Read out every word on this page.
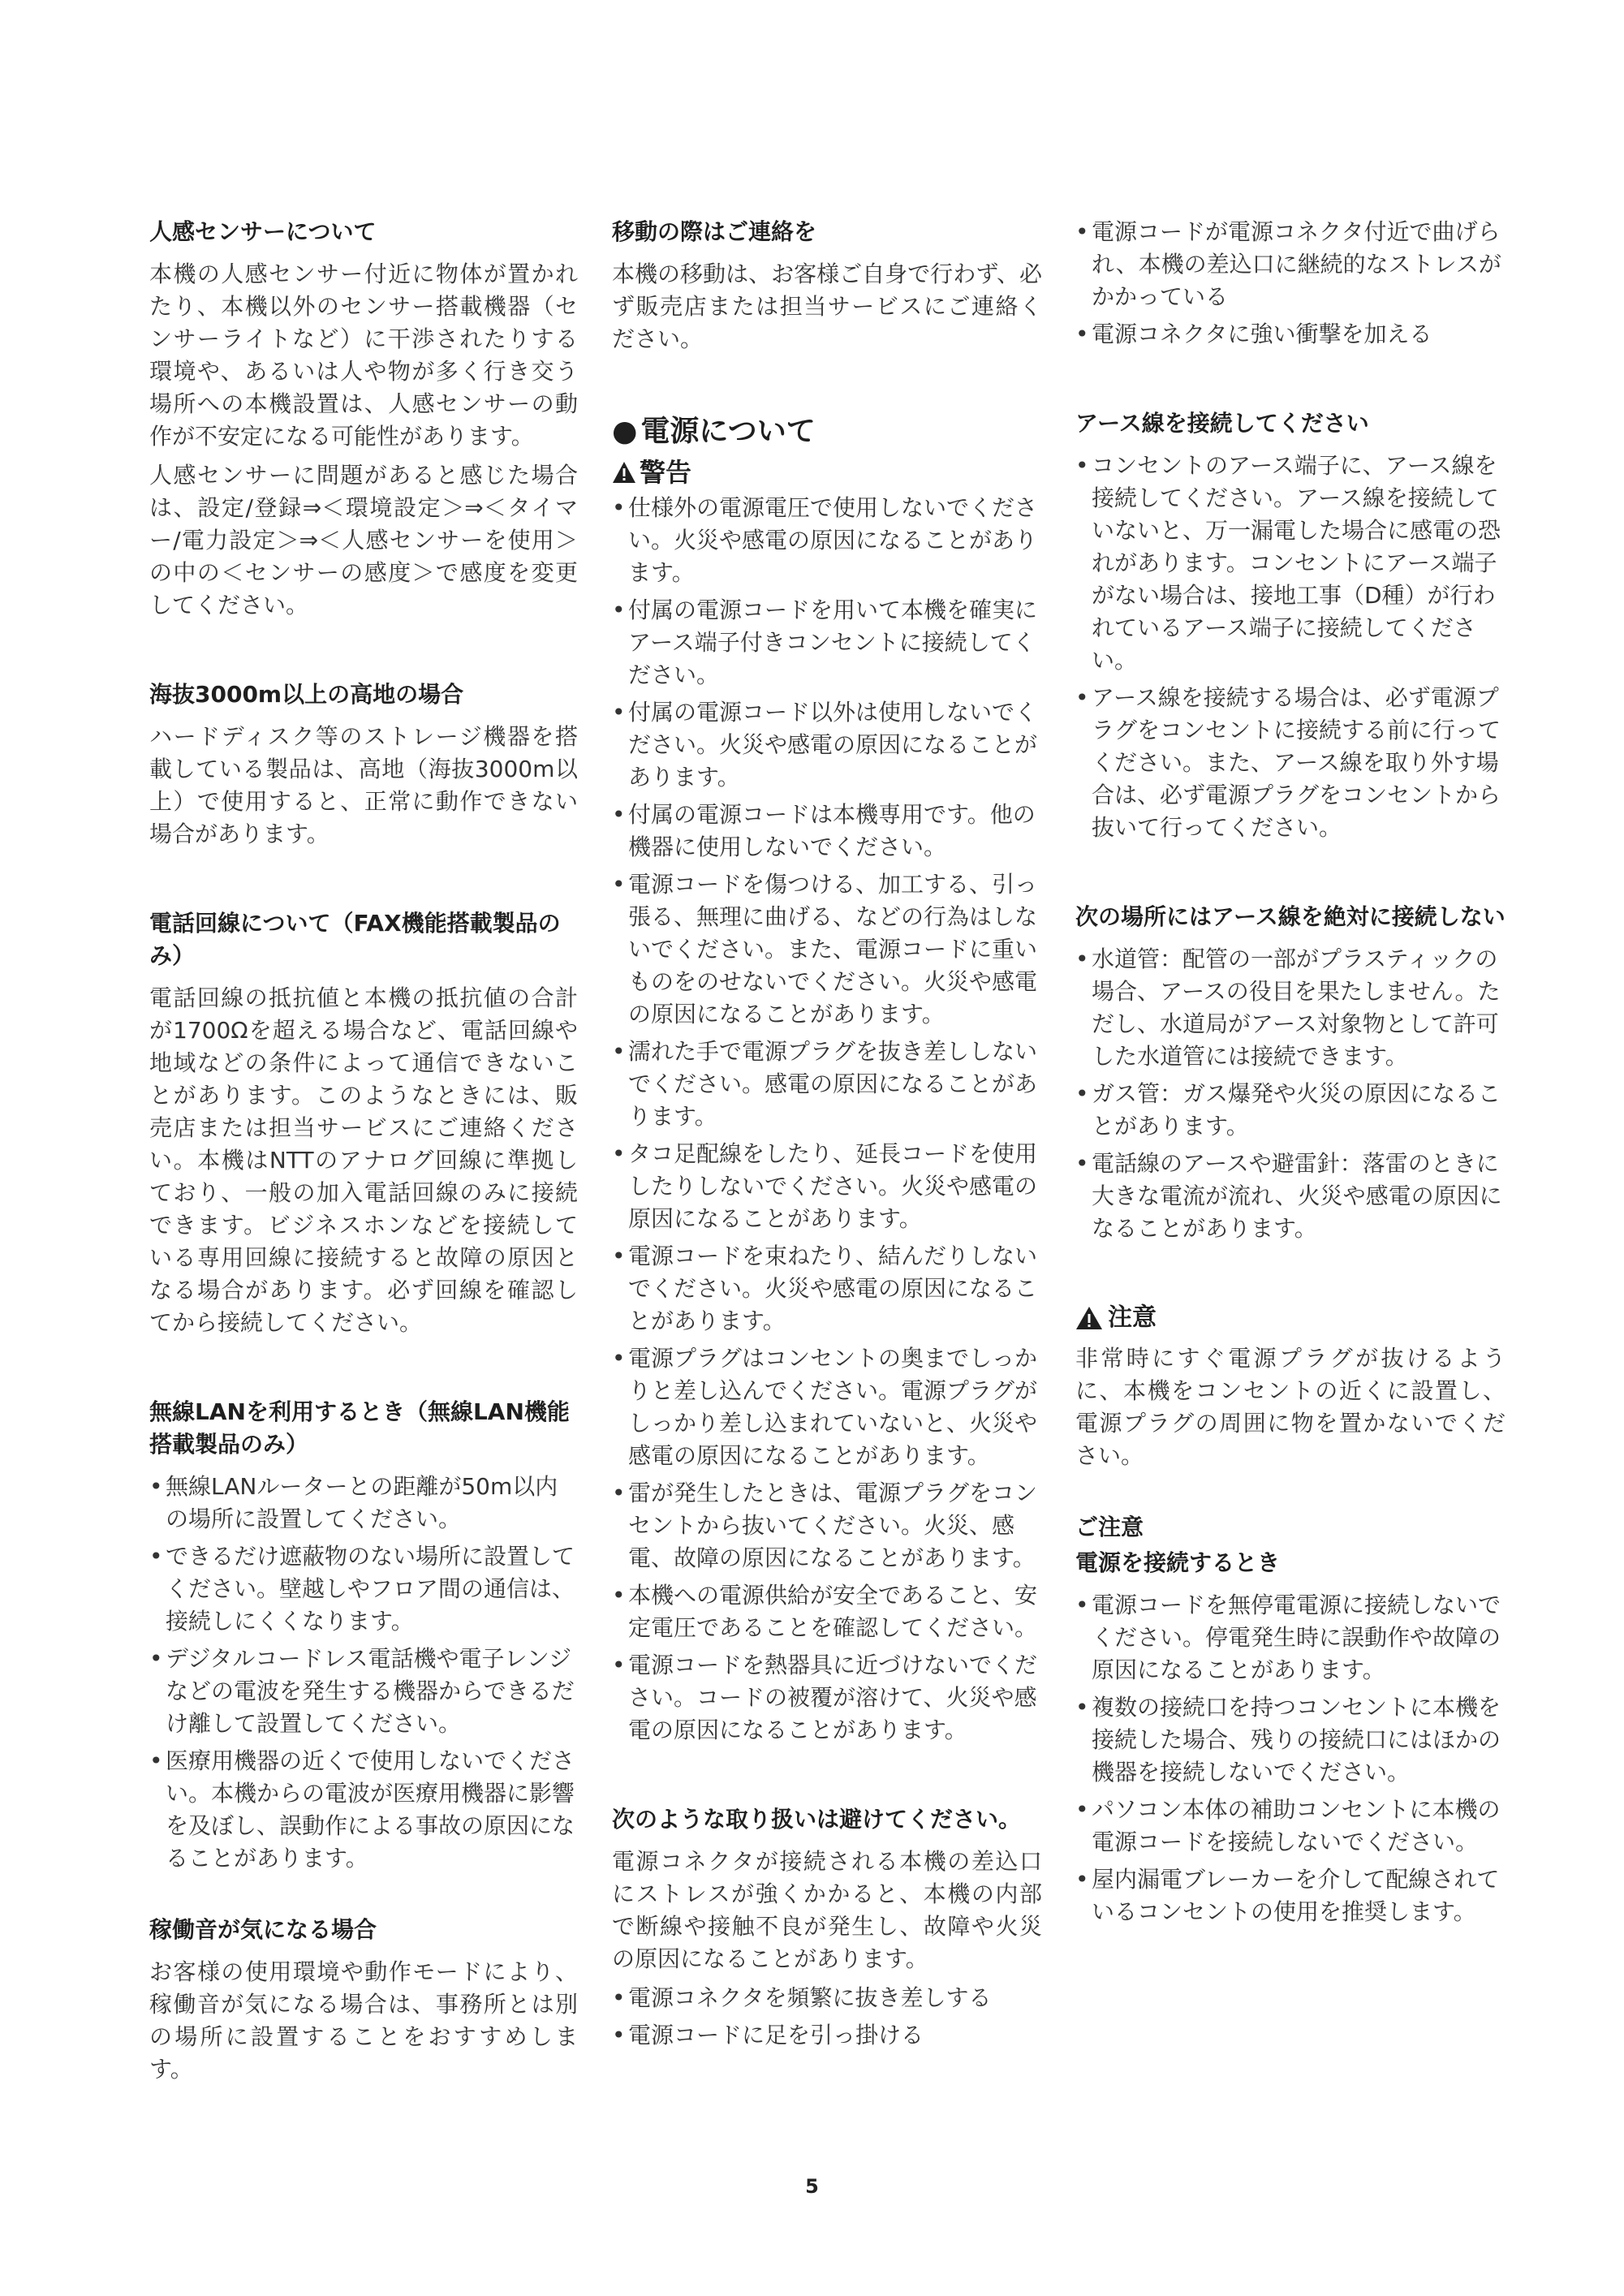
人感センサーについて

本機の人感センサー付近に物体が置かれたり、本機以外のセンサー搭載機器（センサーライトなど）に干渉されたりする環境や、あるいは人や物が多く行き交う場所への本機設置は、人感センサーの動作が不安定になる可能性があります。

人感センサーに問題があると感じた場合は、設定/登録⇒＜環境設定＞⇒＜タイマー/電力設定＞⇒＜人感センサーを使用＞の中の＜センサーの感度＞で感度を変更してください。

海抜3000m以上の高地の場合

ハードディスク等のストレージ機器を搭載している製品は、高地（海抜3000m以上）で使用すると、正常に動作できない場合があります。

電話回線について（FAX機能搭載製品のみ）

電話回線の抵抗値と本機の抵抗値の合計が1700Ωを超える場合など、電話回線や地域などの条件によって通信できないことがあります。このようなときには、販売店または担当サービスにご連絡ください。本機はNTTのアナログ回線に準拠しており、一般の加入電話回線のみに接続できます。ビジネスホンなどを接続している専用回線に接続すると故障の原因となる場合があります。必ず回線を確認してから接続してください。

無線LANを利用するとき（無線LAN機能搭載製品のみ）
• 無線LANルーターとの距離が50m以内の場所に設置してください。
• できるだけ遮蔽物のない場所に設置してください。壁越しやフロア間の通信は、接続しにくくなります。
• デジタルコードレス電話機や電子レンジなどの電波を発生する機器からできるだけ離して設置してください。
• 医療用機器の近くで使用しないでください。本機からの電波が医療用機器に影響を及ぼし、誤動作による事故の原因になることがあります。
稼働音が気になる場合

お客様の使用環境や動作モードにより、稼働音が気になる場合は、事務所とは別の場所に設置することをおすすめします。

移動の際はご連絡を

本機の移動は、お客様ご自身で行わず、必ず販売店または担当サービスにご連絡ください。

● 電源について
警告
• 仕様外の電源電圧で使用しないでください。火災や感電の原因になることがあります。
• 付属の電源コードを用いて本機を確実にアース端子付きコンセントに接続してください。
• 付属の電源コード以外は使用しないでください。火災や感電の原因になることがあります。
• 付属の電源コードは本機専用です。他の機器に使用しないでください。
• 電源コードを傷つける、加工する、引っ張る、無理に曲げる、などの行為はしないでください。また、電源コードに重いものをのせないでください。火災や感電の原因になることがあります。
• 濡れた手で電源プラグを抜き差ししないでください。感電の原因になることがあります。
• タコ足配線をしたり、延長コードを使用したりしないでください。火災や感電の原因になることがあります。
• 電源コードを束ねたり、結んだりしないでください。火災や感電の原因になることがあります。
• 電源プラグはコンセントの奥までしっかりと差し込んでください。電源プラグがしっかり差し込まれていないと、火災や感電の原因になることがあります。
• 雷が発生したときは、電源プラグをコンセントから抜いてください。火災、感電、故障の原因になることがあります。
• 本機への電源供給が安全であること、安定電圧であることを確認してください。
• 電源コードを熱器具に近づけないでください。コードの被覆が溶けて、火災や感電の原因になることがあります。
次のような取り扱いは避けてください。

電源コネクタが接続される本機の差込口にストレスが強くかかると、本機の内部で断線や接触不良が発生し、故障や火災の原因になることがあります。

• 電源コネクタを頻繁に抜き差しする
• 電源コードに足を引っ掛ける
• 電源コードが電源コネクタ付近で曲げられ、本機の差込口に継続的なストレスがかかっている
• 電源コネクタに強い衝撃を加える
アース線を接続してください
• コンセントのアース端子に、アース線を接続してください。アース線を接続していないと、万一漏電した場合に感電の恐れがあります。コンセントにアース端子がない場合は、接地工事（D種）が行われているアース端子に接続してください。
• アース線を接続する場合は、必ず電源プラグをコンセントに接続する前に行ってください。また、アース線を取り外す場合は、必ず電源プラグをコンセントから抜いて行ってください。
次の場所にはアース線を絶対に接続しない
• 水道管：配管の一部がプラスティックの場合、アースの役目を果たしません。ただし、水道局がアース対象物として許可した水道管には接続できます。
• ガス管：ガス爆発や火災の原因になることがあります。
• 電話線のアースや避雷針：落雷のときに大きな電流が流れ、火災や感電の原因になることがあります。
注意

非常時にすぐ電源プラグが抜けるように、本機をコンセントの近くに設置し、電源プラグの周囲に物を置かないでください。

ご注意
電源を接続するとき
• 電源コードを無停電電源に接続しないでください。停電発生時に誤動作や故障の原因になることがあります。
• 複数の接続口を持つコンセントに本機を接続した場合、残りの接続口にはほかの機器を接続しないでください。
• パソコン本体の補助コンセントに本機の電源コードを接続しないでください。
• 屋内漏電ブレーカーを介して配線されているコンセントの使用を推奨します。
5
